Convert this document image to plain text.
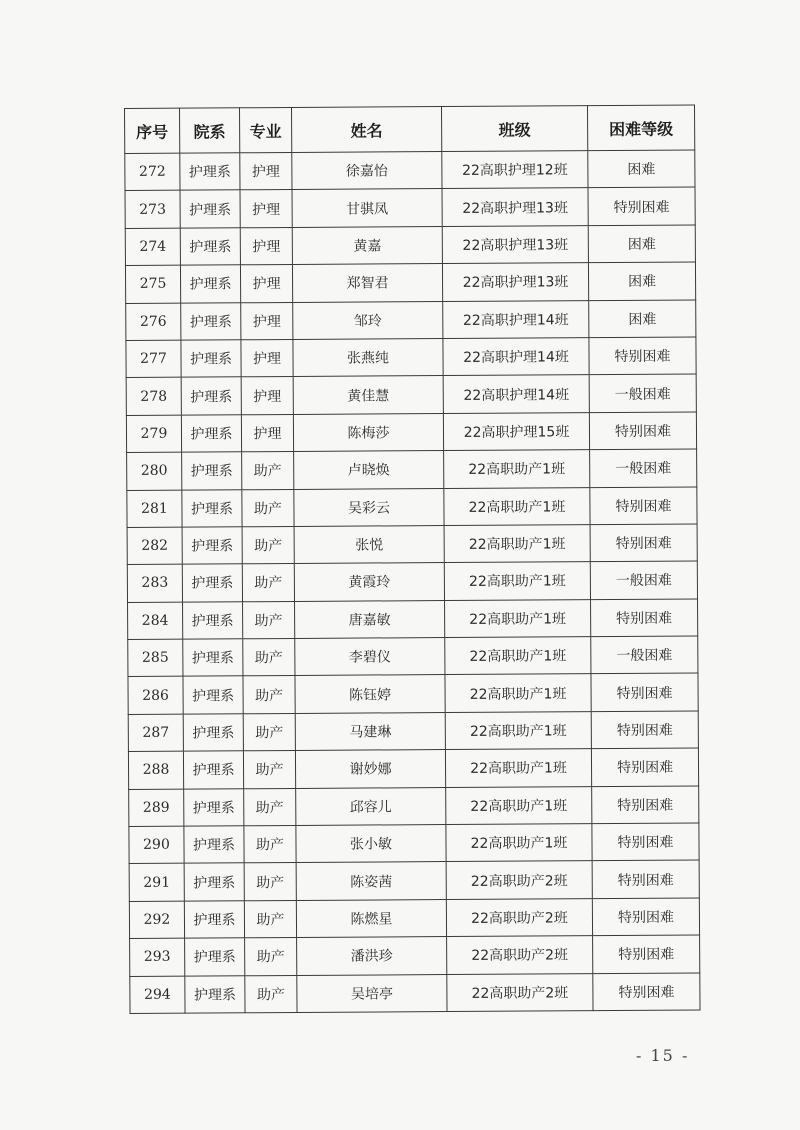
序号	院系	专业	姓名	班级	困难等级
272	护理系	护理	徐嘉怡	22高职护理12班	困难
273	护理系	护理	甘骐凤	22高职护理13班	特别困难
274	护理系	护理	黄嘉	22高职护理13班	困难
275	护理系	护理	郑智君	22高职护理13班	困难
276	护理系	护理	邹玲	22高职护理14班	困难
277	护理系	护理	张燕纯	22高职护理14班	特别困难
278	护理系	护理	黄佳慧	22高职护理14班	一般困难
279	护理系	护理	陈梅莎	22高职护理15班	特别困难
280	护理系	助产	卢晓焕	22高职助产1班	一般困难
281	护理系	助产	吴彩云	22高职助产1班	特别困难
282	护理系	助产	张悦	22高职助产1班	特别困难
283	护理系	助产	黄霞玲	22高职助产1班	一般困难
284	护理系	助产	唐嘉敏	22高职助产1班	特别困难
285	护理系	助产	李碧仪	22高职助产1班	一般困难
286	护理系	助产	陈钰婷	22高职助产1班	特别困难
287	护理系	助产	马建琳	22高职助产1班	特别困难
288	护理系	助产	谢妙娜	22高职助产1班	特别困难
289	护理系	助产	邱容儿	22高职助产1班	特别困难
290	护理系	助产	张小敏	22高职助产1班	特别困难
291	护理系	助产	陈姿茜	22高职助产2班	特别困难
292	护理系	助产	陈燃星	22高职助产2班	特别困难
293	护理系	助产	潘洪珍	22高职助产2班	特别困难
294	护理系	助产	吴培亭	22高职助产2班	特别困难
- 15 -
